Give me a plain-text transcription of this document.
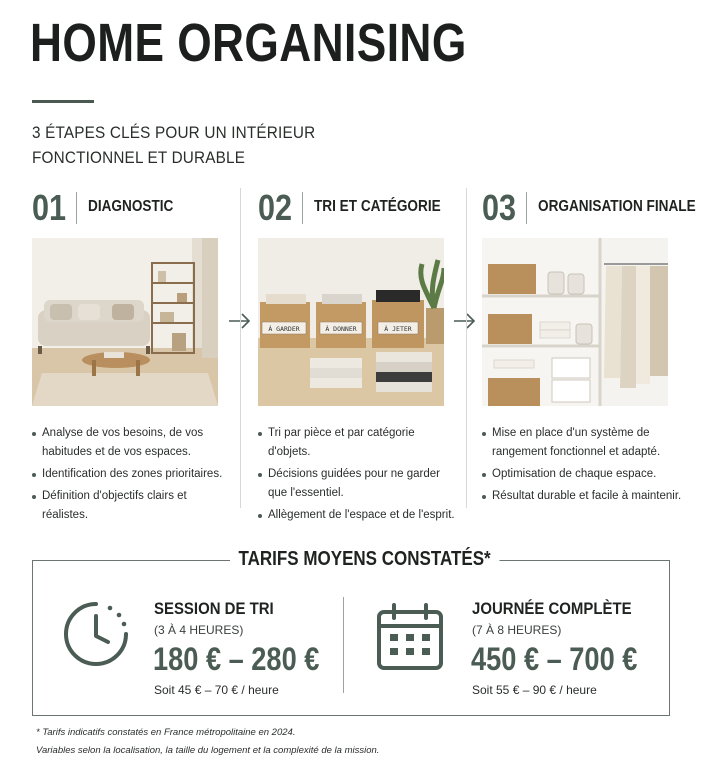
HOME ORGANISING
3 ÉTAPES CLÉS POUR UN INTÉRIEUR FONCTIONNEL ET DURABLE
01 DIAGNOSTIC
Analyse de vos besoins, de vos habitudes et de vos espaces.
Identification des zones prioritaires.
Définition d'objectifs clairs et réalistes.
02 TRI ET CATÉGORIE
À GARDER	À DONNER	À JETER
Tri par pièce et par catégorie d'objets.
Décisions guidées pour ne garder que l'essentiel.
Allègement de l'espace et de l'esprit.
03 ORGANISATION FINALE
Mise en place d'un système de rangement fonctionnel et adapté.
Optimisation de chaque espace.
Résultat durable et facile à maintenir.
TARIFS MOYENS CONSTATÉS*
SESSION DE TRI
(3 À 4 HEURES)
180 € – 280 €
Soit 45 € – 70 € / heure
JOURNÉE COMPLÈTE
(7 À 8 HEURES)
450 € – 700 €
Soit 55 € – 90 € / heure
* Tarifs indicatifs constatés en France métropolitaine en 2024.
Variables selon la localisation, la taille du logement et la complexité de la mission.
